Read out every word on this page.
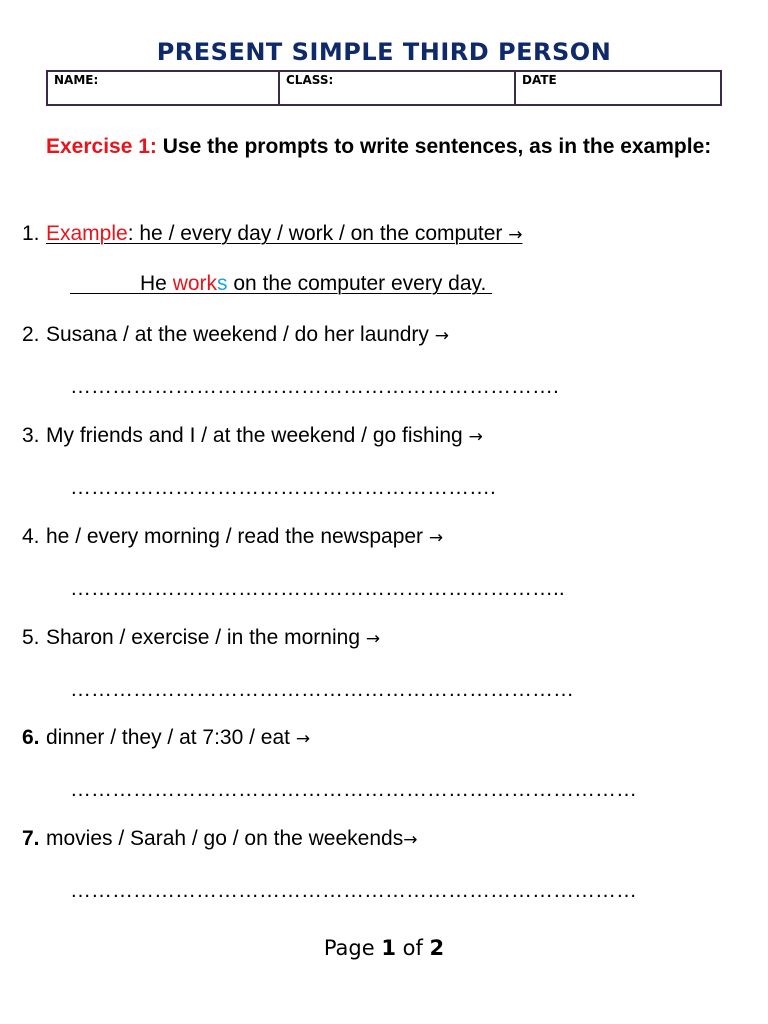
PRESENT SIMPLE THIRD PERSON
NAME:	CLASS:	DATE
Exercise 1: Use the prompts to write sentences, as in the example:
1. Example: he / every day / work / on the computer →
He works on the computer every day.
2. Susana / at the weekend / do her laundry →
…………………………………………………………….
3. My friends and I / at the weekend / go fishing →
…………………………………………………….
4. he / every morning / read the newspaper →
……………………………………………………………..
5. Sharon / exercise / in the morning →
………………………………………………………………
6. dinner / they / at 7:30 / eat →
………………………………………………………………………
7. movies / Sarah / go / on the weekends→
………………………………………………………………………
Page 1 of 2
